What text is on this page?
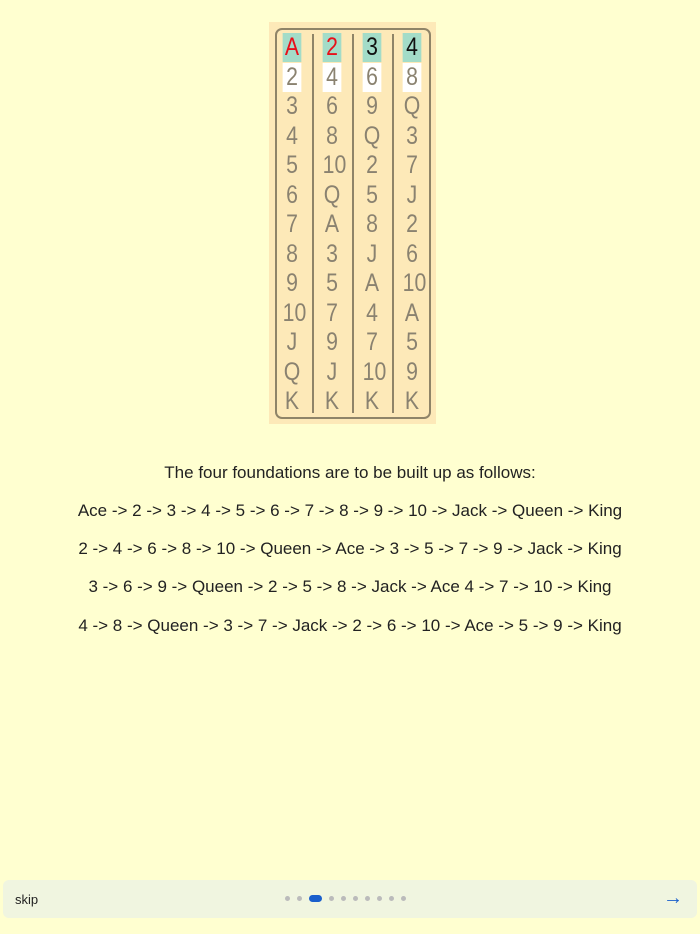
A
2
3
4
5
6
7
8
9
10
J
Q
K
2
4
6
8
10
Q
A
3
5
7
9
J
K
3
6
9
Q
2
5
8
J
A
4
7
10
K
4
8
Q
3
7
J
2
6
10
A
5
9
K
The four foundations are to be built up as follows:
Ace -> 2 -> 3 -> 4 -> 5 -> 6 -> 7 -> 8 -> 9 -> 10 -> Jack -> Queen -> King
2 -> 4 -> 6 -> 8 -> 10 -> Queen -> Ace -> 3 -> 5 -> 7 -> 9 -> Jack -> King
3 -> 6 -> 9 -> Queen -> 2 -> 5 -> 8 -> Jack -> Ace 4 -> 7 -> 10 -> King
4 -> 8 -> Queen -> 3 -> 7 -> Jack -> 2 -> 6 -> 10 -> Ace -> 5 -> 9 -> King
skip	→
